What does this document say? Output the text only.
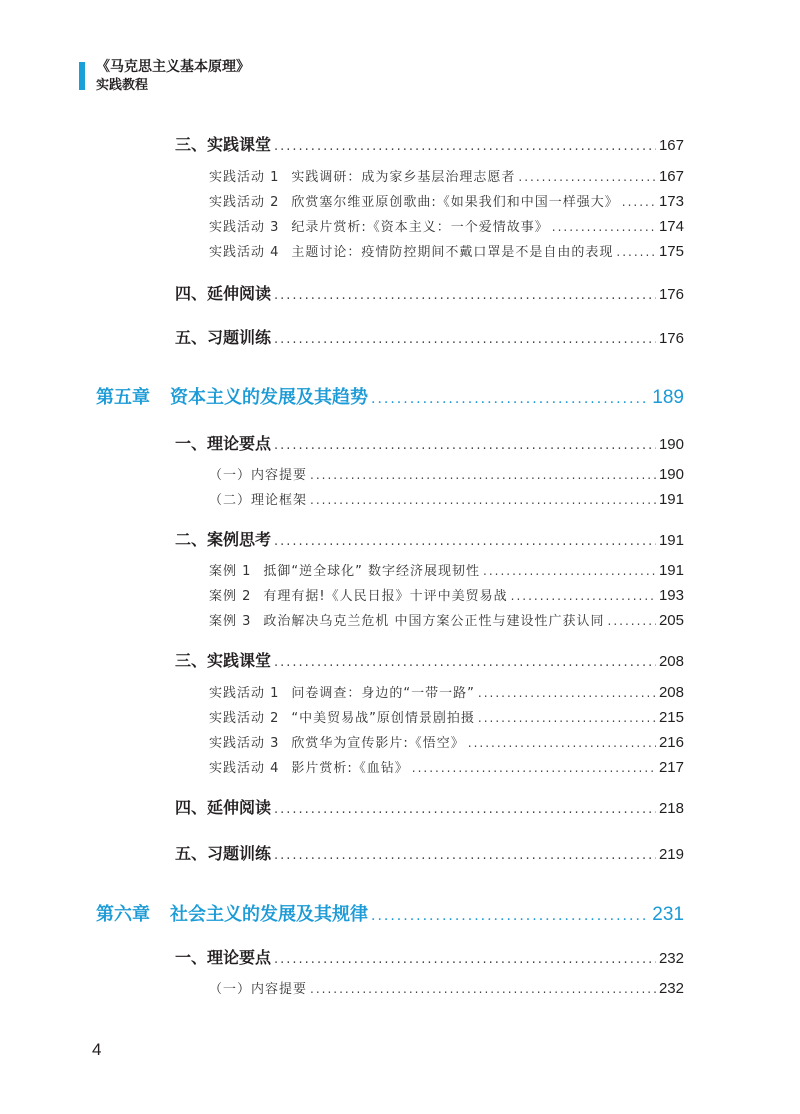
《马克思主义基本原理》
实践教程
三、实践课堂 .....	167
实践活动 1 实践调研：成为家乡基层治理志愿者 .....	167
实践活动 2 欣赏塞尔维亚原创歌曲:《如果我们和中国一样强大》 .....	173
实践活动 3 纪录片赏析:《资本主义：一个爱情故事》 .....	174
实践活动 4 主题讨论：疫情防控期间不戴口罩是不是自由的表现 .....	175
四、延伸阅读 .....	176
五、习题训练 .....	176
第五章 资本主义的发展及其趋势 .....	189
一、理论要点 .....	190
（一）内容提要 .....	190
（二）理论框架 .....	191
二、案例思考 .....	191
案例 1 抵御“逆全球化” 数字经济展现韧性 .....	191
案例 2 有理有据!《人民日报》十评中美贸易战 .....	193
案例 3 政治解决乌克兰危机 中国方案公正性与建设性广获认同 .....	205
三、实践课堂 .....	208
实践活动 1 问卷调查：身边的“一带一路” .....	208
实践活动 2 “中美贸易战”原创情景剧拍摄 .....	215
实践活动 3 欣赏华为宣传影片:《悟空》 .....	216
实践活动 4 影片赏析:《血钻》 .....	217
四、延伸阅读 .....	218
五、习题训练 .....	219
第六章 社会主义的发展及其规律 .....	231
一、理论要点 .....	232
（一）内容提要 .....	232
4
